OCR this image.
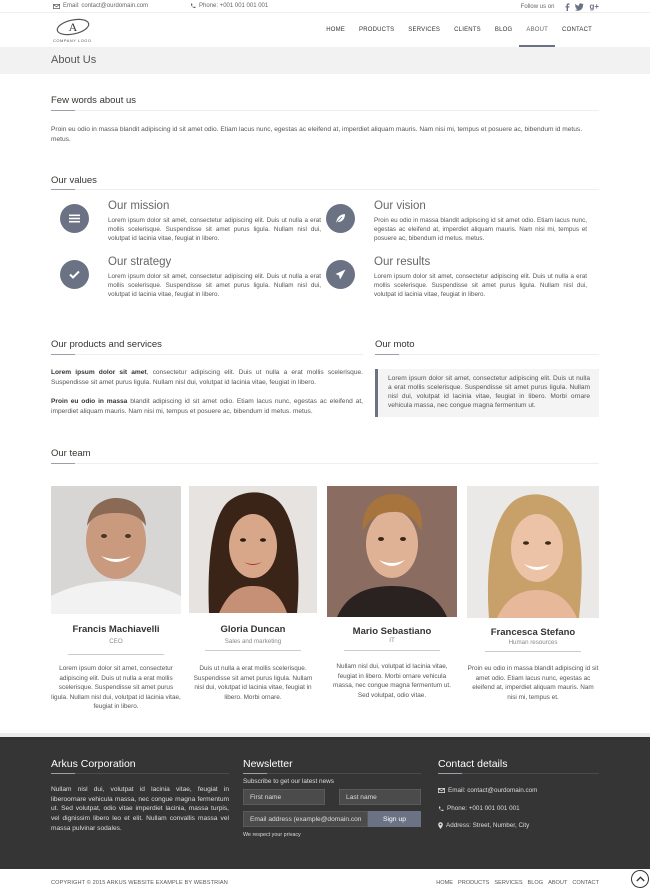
Email: contact@ourdomain.com	Phone: +001 001 001 001	Follow us on	g+
A
COMPANY LOGO
HOME	PRODUCTS	SERVICES	CLIENTS	BLOG	ABOUT	CONTACT
About Us
Few words about us

Proin eu odio in massa blandit adipiscing id sit amet odio. Etiam lacus nunc, egestas ac eleifend at, imperdiet aliquam mauris. Nam nisi mi, tempus et posuere ac, bibendum id metus. metus.

Our values
Our mission

Lorem ipsum dolor sit amet, consectetur adipiscing elit. Duis ut nulla a erat mollis scelerisque. Suspendisse sit amet purus ligula. Nullam nisl dui, volutpat id lacinia vitae, feugiat in libero.

Our vision

Proin eu odio in massa blandit adipiscing id sit amet odio. Etiam lacus nunc, egestas ac eleifend at, imperdiet aliquam mauris. Nam nisi mi, tempus et posuere ac, bibendum id metus. metus.

Our strategy

Lorem ipsum dolor sit amet, consectetur adipiscing elit. Duis ut nulla a erat mollis scelerisque. Suspendisse sit amet purus ligula. Nullam nisl dui, volutpat id lacinia vitae, feugiat in libero.

Our results

Lorem ipsum dolor sit amet, consectetur adipiscing elit. Duis ut nulla a erat mollis scelerisque. Suspendisse sit amet purus ligula. Nullam nisl dui, volutpat id lacinia vitae, feugiat in libero.

Our products and services

Lorem ipsum dolor sit amet, consectetur adipiscing elit. Duis ut nulla a erat mollis scelerisque. Suspendisse sit amet purus ligula. Nullam nisl dui, volutpat id lacinia vitae, feugiat in libero.

Proin eu odio in massa blandit adipiscing id sit amet odio. Etiam lacus nunc, egestas ac eleifend at, imperdiet aliquam mauris. Nam nisi mi, tempus et posuere ac, bibendum id metus. metus.

Our moto
Lorem ipsum dolor sit amet, consectetur adipiscing elit. Duis ut nulla a erat mollis scelerisque. Suspendisse sit amet purus ligula. Nullam nisl dui, volutpat id lacinia vitae, feugiat in libero. Morbi ornare vehicula massa, nec congue magna fermentum ut.
Our team
Francis Machiavelli
CEO

Lorem ipsum dolor sit amet, consectetur adipiscing elit. Duis ut nulla a erat mollis scelerisque. Suspendisse sit amet purus ligula. Nullam nisl dui, volutpat id lacinia vitae, feugiat in libero.

Gloria Duncan
Sales and marketing

Duis ut nulla a erat mollis scelerisque. Suspendisse sit amet purus ligula. Nullam nisl dui, volutpat id lacinia vitae, feugiat in libero. Morbi ornare.

Mario Sebastiano
IT

Nullam nisl dui, volutpat id lacinia vitae, feugiat in libero. Morbi ornare vehicula massa, nec congue magna fermentum ut. Sed volutpat, odio vitae.

Francesca Stefano
Human resources

Proin eu odio in massa blandit adipiscing id sit amet odio. Etiam lacus nunc, egestas ac eleifend at, imperdiet aliquam mauris. Nam nisi mi, tempus et.

Arkus Corporation
Nullam nisl dui, volutpat id lacinia vitae, feugiat in liberoornare vehicula massa, nec congue magna fermentum ut. Sed volutpat, odio vitae imperdiet lacinia, massa turpis, vel dignissim libero leo et elit. Nullam convallis massa vel massa pulvinar sodales.
Newsletter
Subscribe to get our latest news
First name
Last name
Email address (example@domain.com)
Sign up
We respect your privacy
Contact details
Email: contact@ourdomain.com
Phone: +001 001 001 001
Address: Street, Number, City
COPYRIGHT © 2015 ARKUS WEBSITE EXAMPLE BY WEBSTRIAN	HOME PRODUCTS SERVICES BLOG ABOUT CONTACT
